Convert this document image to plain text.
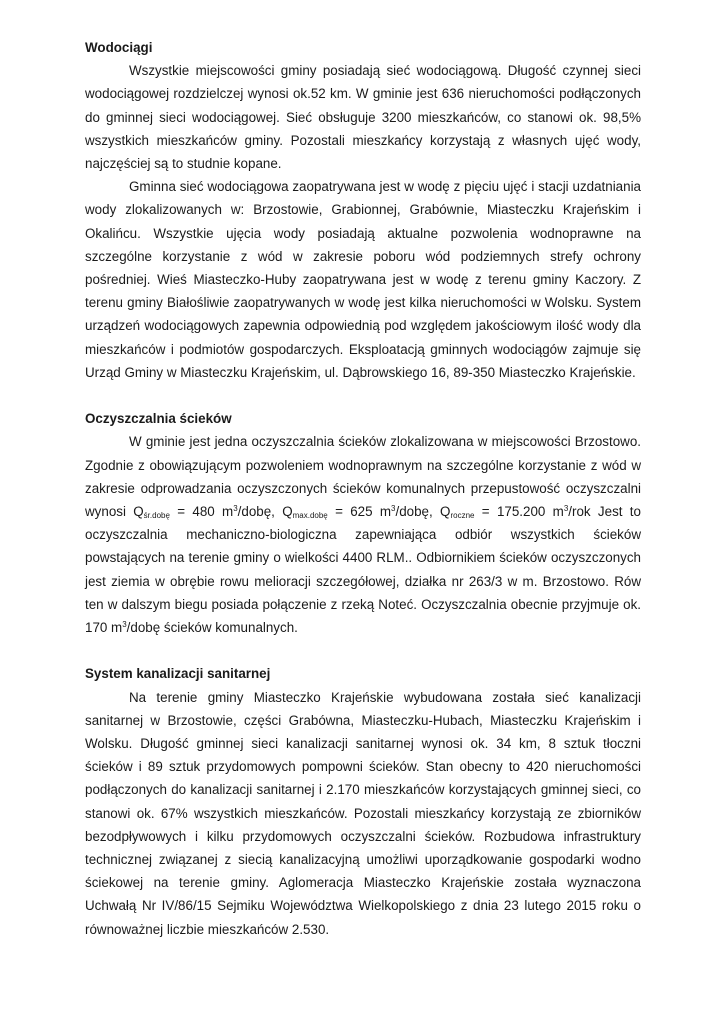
Wodociągi

Wszystkie miejscowości gminy posiadają sieć wodociągową. Długość czynnej sieci wodociągowej rozdzielczej wynosi ok.52 km. W gminie jest 636 nieruchomości podłączonych do gminnej sieci wodociągowej. Sieć obsługuje 3200 mieszkańców, co stanowi ok. 98,5% wszystkich mieszkańców gminy. Pozostali mieszkańcy korzystają z własnych ujęć wody, najczęściej są to studnie kopane.

Gminna sieć wodociągowa zaopatrywana jest w wodę z pięciu ujęć i stacji uzdatniania wody zlokalizowanych w: Brzostowie, Grabionnej, Grabównie, Miasteczku Krajeńskim i Okalińcu. Wszystkie ujęcia wody posiadają aktualne pozwolenia wodnoprawne na szczególne korzystanie z wód w zakresie poboru wód podziemnych strefy ochrony pośredniej. Wieś Miasteczko-Huby zaopatrywana jest w wodę z terenu gminy Kaczory. Z terenu gminy Białośliwie zaopatrywanych w wodę jest kilka nieruchomości w Wolsku. System urządzeń wodociągowych zapewnia odpowiednią pod względem jakościowym ilość wody dla mieszkańców i podmiotów gospodarczych. Eksploatacją gminnych wodociągów zajmuje się Urząd Gminy w Miasteczku Krajeńskim, ul. Dąbrowskiego 16, 89-350 Miasteczko Krajeńskie.

Oczyszczalnia ścieków

W gminie jest jedna oczyszczalnia ścieków zlokalizowana w miejscowości Brzostowo. Zgodnie z obowiązującym pozwoleniem wodnoprawnym na szczególne korzystanie z wód w zakresie odprowadzania oczyszczonych ścieków komunalnych przepustowość oczyszczalni wynosi $Q_{śr.dobę} = 480$ $m^3$/dobę, $Q_{max.dobę} = 625$ $m^3$/dobę, $Q_{roczne} = 175.200$ $m^3$/rok Jest to oczyszczalnia mechaniczno-biologiczna zapewniająca odbiór wszystkich ścieków powstających na terenie gminy o wielkości 4400 RLM.. Odbiornikiem ścieków oczyszczonych jest ziemia w obrębie rowu melioracji szczegółowej, działka nr 263/3 w m. Brzostowo. Rów ten w dalszym biegu posiada połączenie z rzeką Noteć. Oczyszczalnia obecnie przyjmuje ok. 170 $m^3$/dobę ścieków komunalnych.

System kanalizacji sanitarnej

Na terenie gminy Miasteczko Krajeńskie wybudowana została sieć kanalizacji sanitarnej w Brzostowie, części Grabówna, Miasteczku-Hubach, Miasteczku Krajeńskim i Wolsku. Długość gminnej sieci kanalizacji sanitarnej wynosi ok. 34 km, 8 sztuk tłoczni ścieków i 89 sztuk przydomowych pompowni ścieków. Stan obecny to 420 nieruchomości podłączonych do kanalizacji sanitarnej i 2.170 mieszkańców korzystających gminnej sieci, co stanowi ok. 67% wszystkich mieszkańców. Pozostali mieszkańcy korzystają ze zbiorników bezodpływowych i kilku przydomowych oczyszczalni ścieków. Rozbudowa infrastruktury technicznej związanej z siecią kanalizacyjną umożliwi uporządkowanie gospodarki wodno ściekowej na terenie gminy. Aglomeracja Miasteczko Krajeńskie została wyznaczona Uchwałą Nr IV/86/15 Sejmiku Województwa Wielkopolskiego z dnia 23 lutego 2015 roku o równoważnej liczbie mieszkańców 2.530.
